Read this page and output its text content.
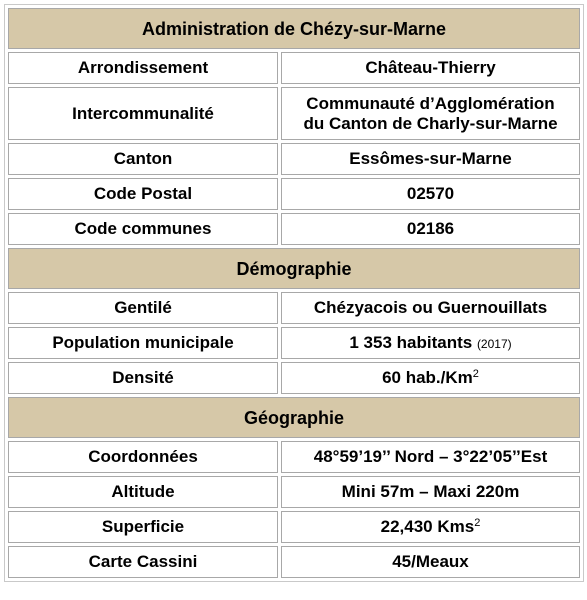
Administration de Chézy-sur-Marne	
Arrondissement	Château-Thierry
Intercommunalité	Communauté d’Agglomération
du Canton de Charly-sur-Marne
Canton	Essômes-sur-Marne
Code Postal	02570
Code communes	02186
Démographie	
Gentilé	Chézyacois ou Guernouillats
Population municipale	1 353 habitants (2017)
Densité	60 hab./Km$^2$
Géographie	
Coordonnées	48°59’19’’ Nord – 3°22’05’’Est
Altitude	Mini 57m – Maxi 220m
Superficie	22,430 Kms$^2$
Carte Cassini	45/Meaux
